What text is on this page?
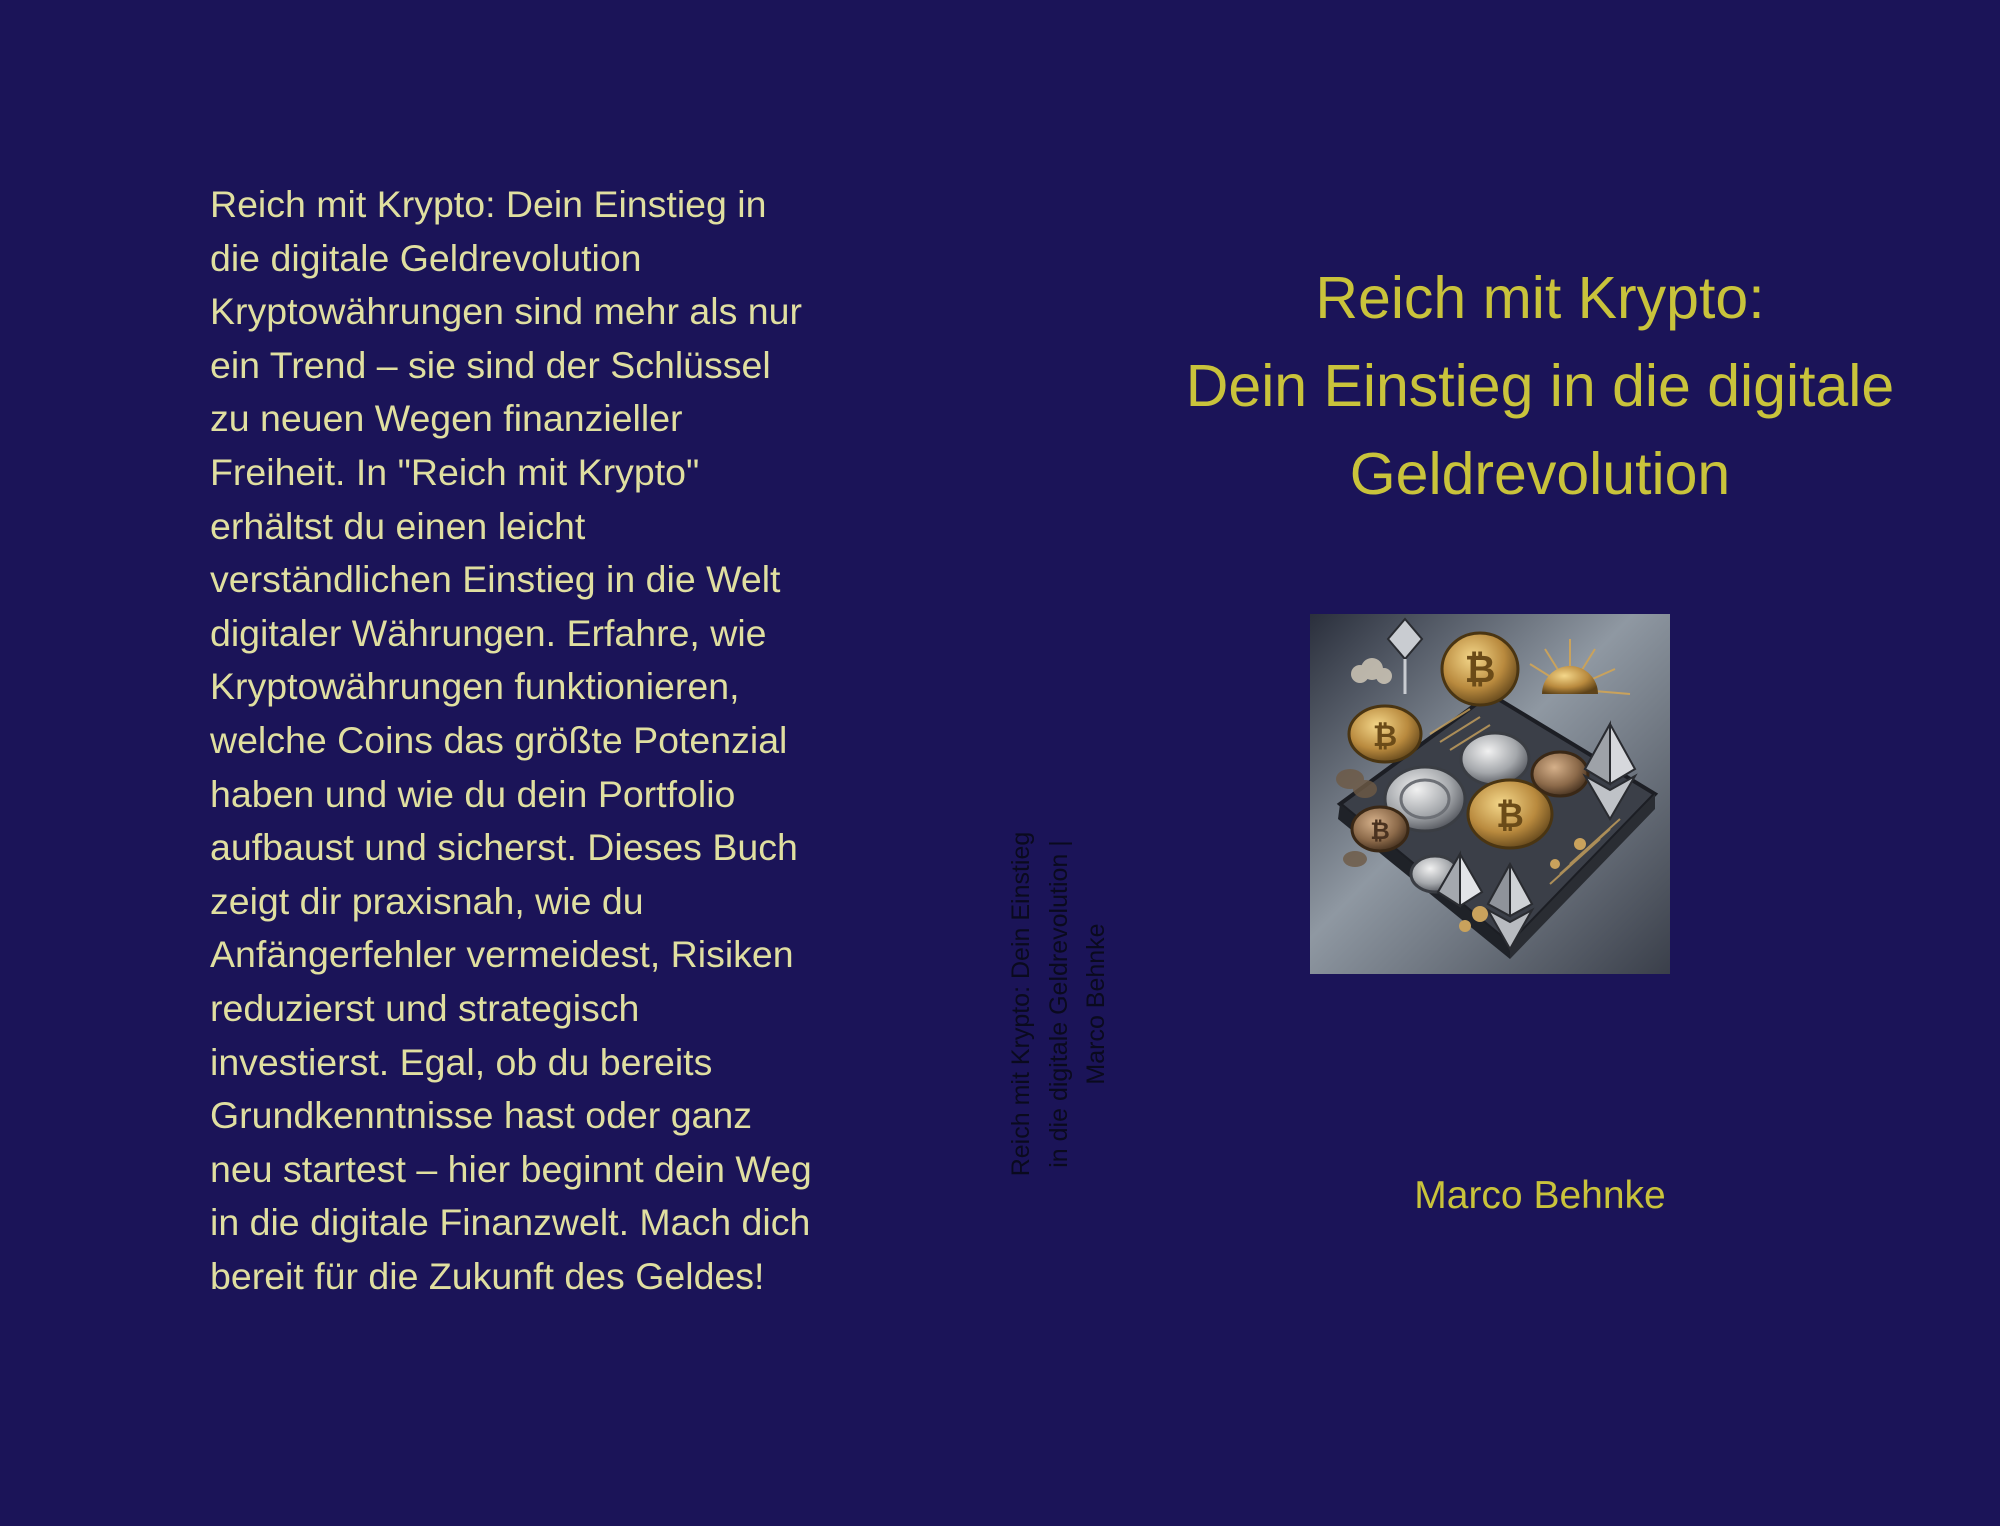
Reich mit Krypto: Dein Einstieg in
die digitale Geldrevolution
Kryptowährungen sind mehr als nur
ein Trend – sie sind der Schlüssel
zu neuen Wegen finanzieller
Freiheit. In "Reich mit Krypto"
erhältst du einen leicht
verständlichen Einstieg in die Welt
digitaler Währungen. Erfahre, wie
Kryptowährungen funktionieren,
welche Coins das größte Potenzial
haben und wie du dein Portfolio
aufbaust und sicherst. Dieses Buch
zeigt dir praxisnah, wie du
Anfängerfehler vermeidest, Risiken
reduzierst und strategisch
investierst. Egal, ob du bereits
Grundkenntnisse hast oder ganz
neu startest – hier beginnt dein Weg
in die digitale Finanzwelt. Mach dich
bereit für die Zukunft des Geldes!
Reich mit Krypto: Dein Einstieg
in die digitale Geldrevolution |
Marco Behnke
Reich mit Krypto:
Dein Einstieg in die digitale
Geldrevolution
₿
₿
₿
₿
Marco Behnke
